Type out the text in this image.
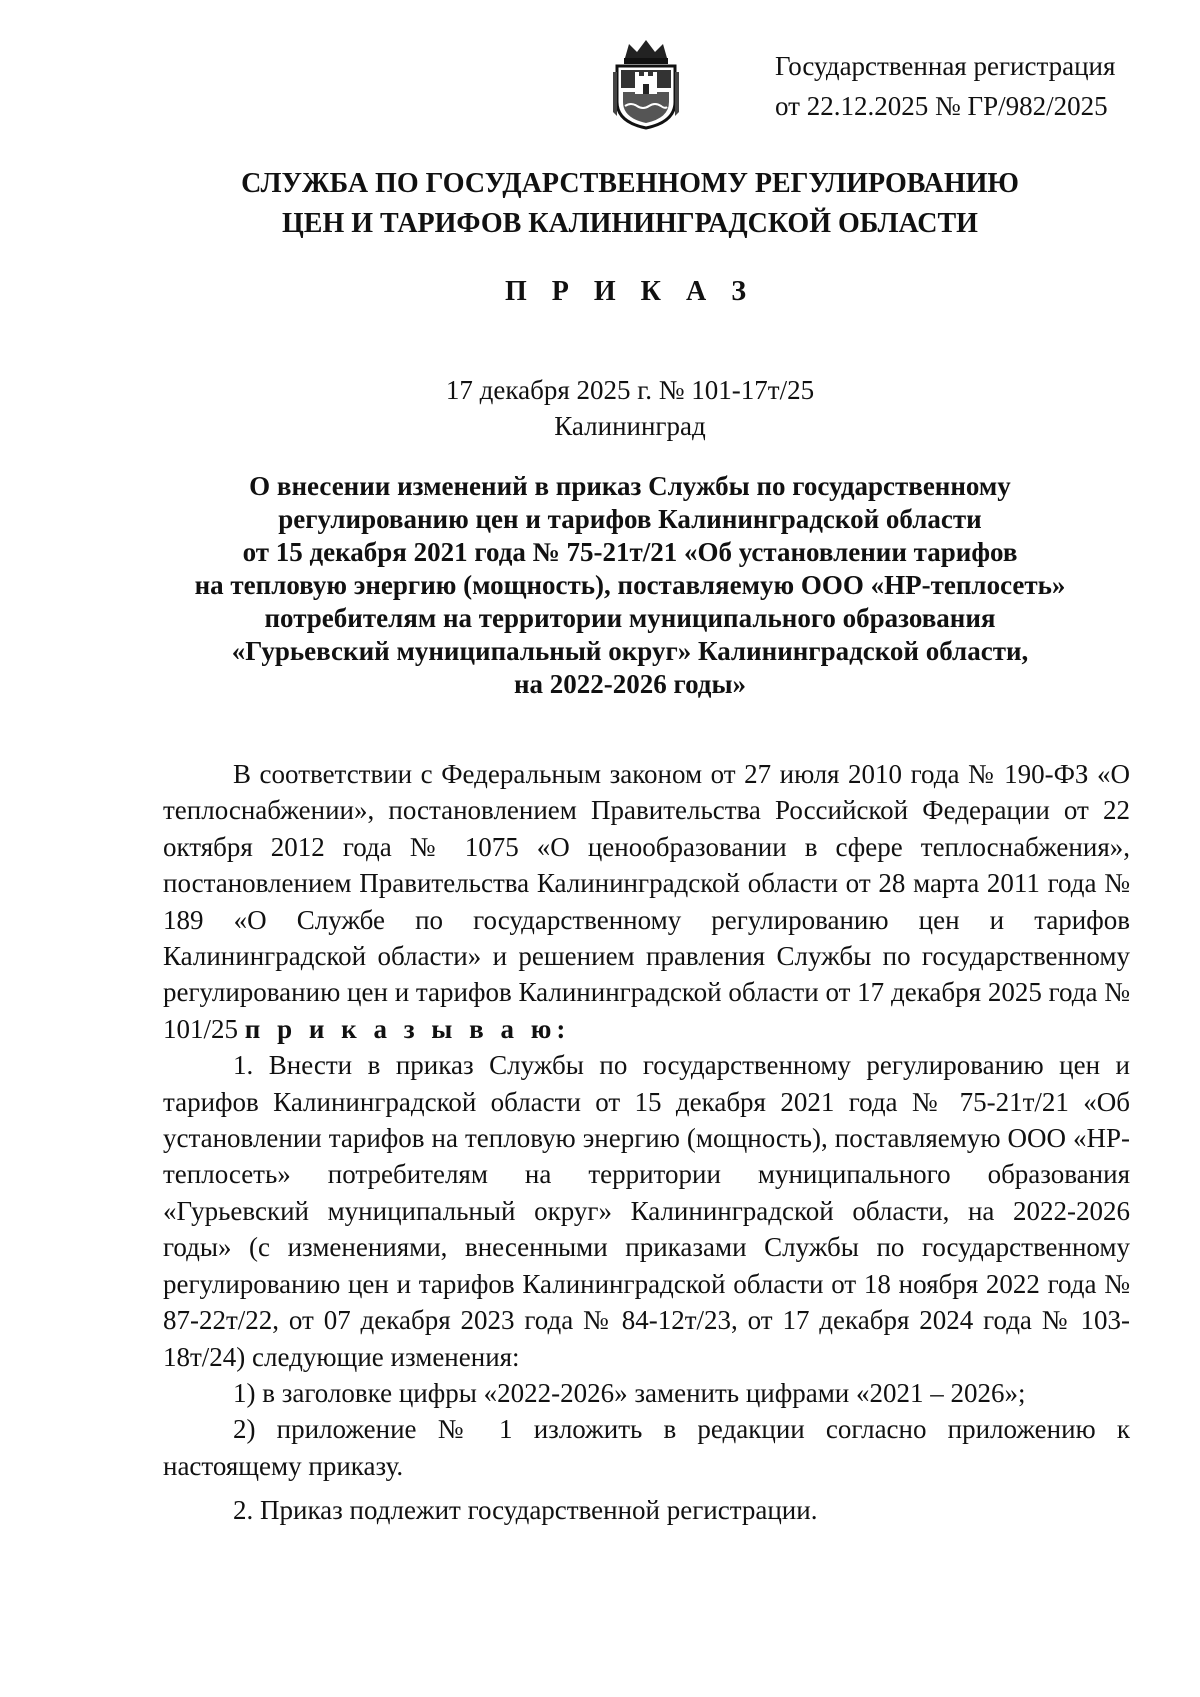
Государственная регистрация
от 22.12.2025 № ГР/982/2025
СЛУЖБА ПО ГОСУДАРСТВЕННОМУ РЕГУЛИРОВАНИЮ
ЦЕН И ТАРИФОВ КАЛИНИНГРАДСКОЙ ОБЛАСТИ
П Р И К А З
17 декабря 2025 г. № 101-17т/25
Калининград
О внесении изменений в приказ Службы по государственному
регулированию цен и тарифов Калининградской области
от 15 декабря 2021 года № 75-21т/21 «Об установлении тарифов
на тепловую энергию (мощность), поставляемую ООО «НР-теплосеть»
потребителям на территории муниципального образования
«Гурьевский муниципальный округ» Калининградской области,
на 2022-2026 годы»

В соответствии с Федеральным законом от 27 июля 2010 года № 190-ФЗ «О теплоснабжении», постановлением Правительства Российской Федерации от 22 октября 2012 года № 1075 «О ценообразовании в сфере теплоснабжения», постановлением Правительства Калининградской области от 28 марта 2011 года № 189 «О Службе по государственному регулированию цен и тарифов Калининградской области» и решением правления Службы по государственному регулированию цен и тарифов Калининградской области от 17 декабря 2025 года № 101/25 п р и к а з ы в а ю:

1. Внести в приказ Службы по государственному регулированию цен и тарифов Калининградской области от 15 декабря 2021 года № 75-21т/21 «Об установлении тарифов на тепловую энергию (мощность), поставляемую ООО «НР-теплосеть» потребителям на территории муниципального образования «Гурьевский муниципальный округ» Калининградской области, на 2022-2026 годы» (с изменениями, внесенными приказами Службы по государственному регулированию цен и тарифов Калининградской области от 18 ноября 2022 года № 87-22т/22, от 07 декабря 2023 года № 84-12т/23, от 17 декабря 2024 года № 103-18т/24) следующие изменения:

1) в заголовке цифры «2022-2026» заменить цифрами «2021 – 2026»;

2) приложение № 1 изложить в редакции согласно приложению к настоящему приказу.

2. Приказ подлежит государственной регистрации.
